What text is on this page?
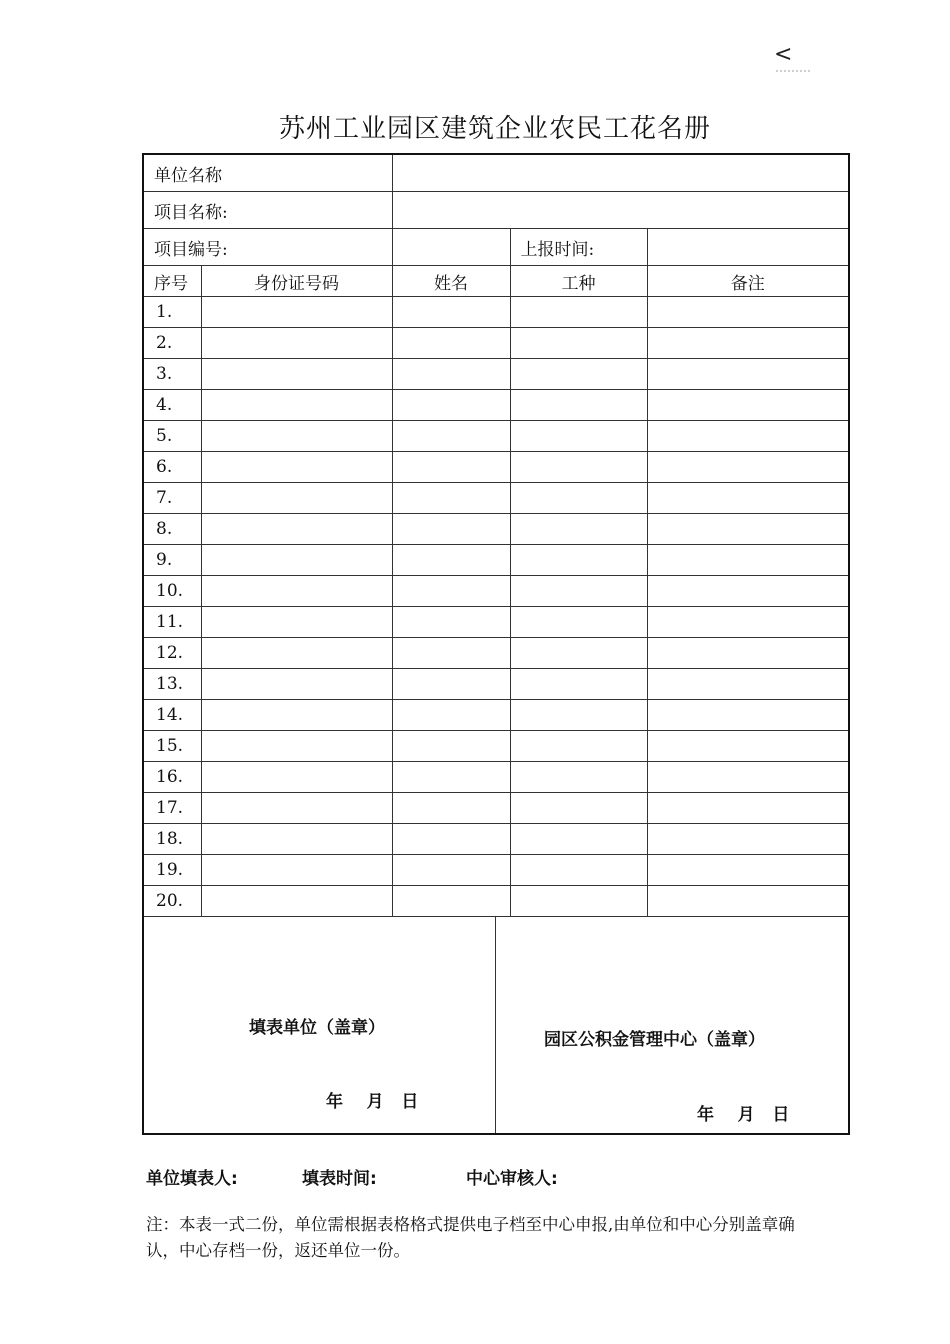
<
苏州工业园区建筑企业农民工花名册
单位名称				
项目名称:				
项目编号:			上报时间:	
序号	身份证号码	姓名	工种	备注
1.				
2.				
3.				
4.				
5.				
6.				
7.				
8.				
9.				
10.				
11.				
12.				
13.				
14.				
15.				
16.				
17.				
18.				
19.				
20.				

填表单位（盖章）
年    月   日
园区公积金管理中心（盖章）
年    月   日				
单位填表人:	填表时间:	中心审核人:
注：本表一式二份，单位需根据表格格式提供电子档至中心申报,由单位和中心分别盖章确认，中心存档一份，返还单位一份。
